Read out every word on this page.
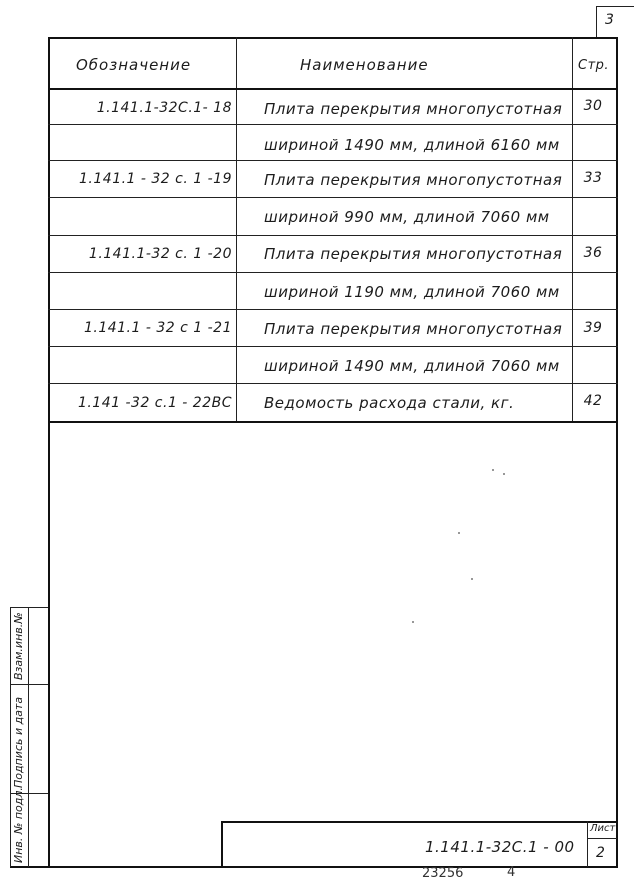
3
Обозначение	Наименование	Стр.
1.141.1-32С.1- 18 Плита перекрытия многопустотная	30
шириной 1490 мм, длиной 6160 мм
1.141.1 - 32 с. 1 -19 Плита перекрытия многопустотная	33
шириной 990 мм, длиной 7060 мм
1.141.1-32 с. 1 -20 Плита перекрытия многопустотная	36
шириной 1190 мм, длиной 7060 мм
1.141.1 - 32 с 1 -21 Плита перекрытия многопустотная	39
шириной 1490 мм, длиной 7060 мм
1.141 -32 с.1 - 22ВС Ведомость расхода стали, кг.	42
Взам.инв.№
Подпись и дата
Инв. № подл.	1.141.1-32С.1 - 00
Лист
2
23256	4
